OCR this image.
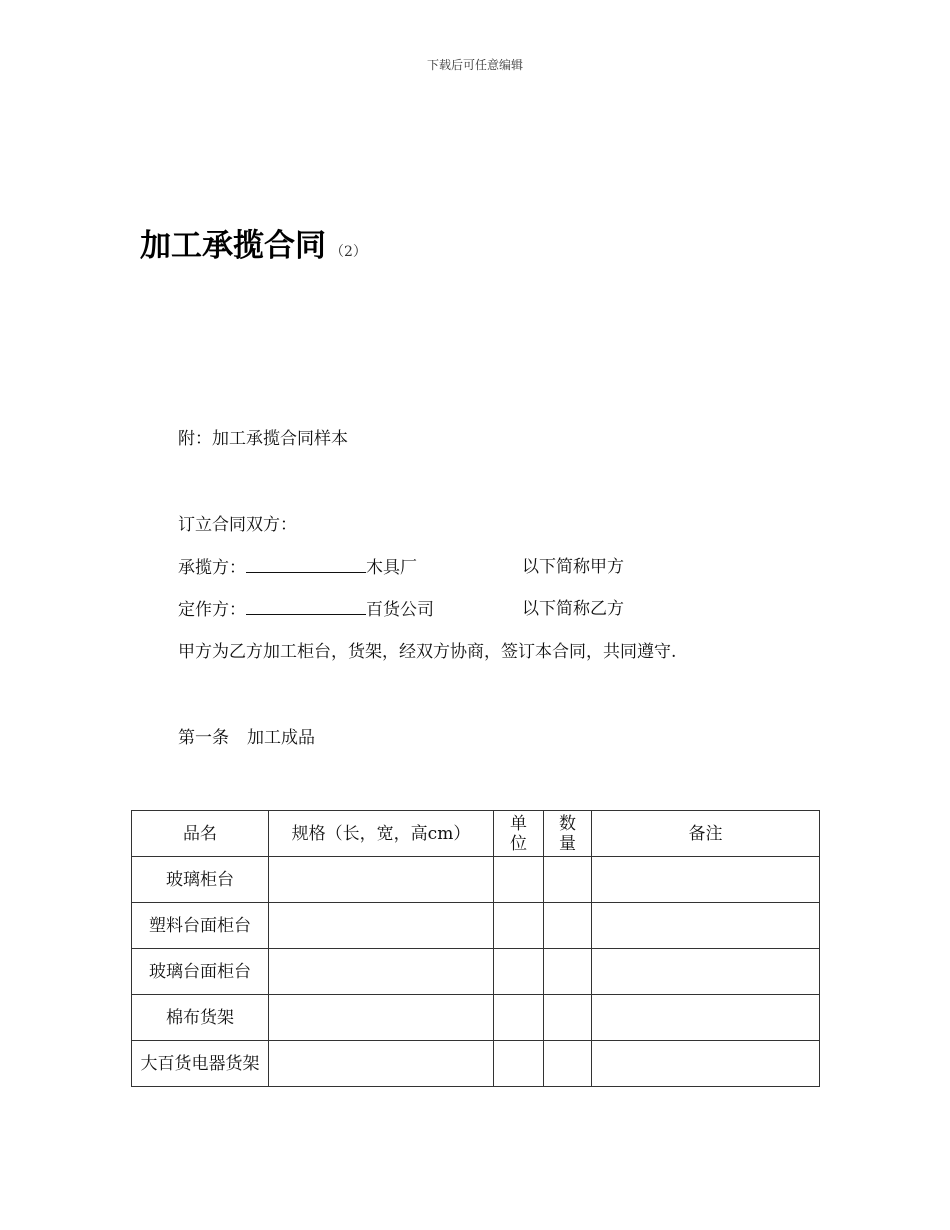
下载后可任意编辑
加工承揽合同 （2）
附：加工承揽合同样本
订立合同双方：
承揽方：	木具厂	以下简称甲方
定作方：	百货公司	以下简称乙方
甲方为乙方加工柜台，货架，经双方协商，签订本合同，共同遵守.
第一条 加工成品
品名	规格（长，宽，高cm）	单位	数量	备注
玻璃柜台				
塑料台面柜台				
玻璃台面柜台				
棉布货架				
大百货电器货架				
